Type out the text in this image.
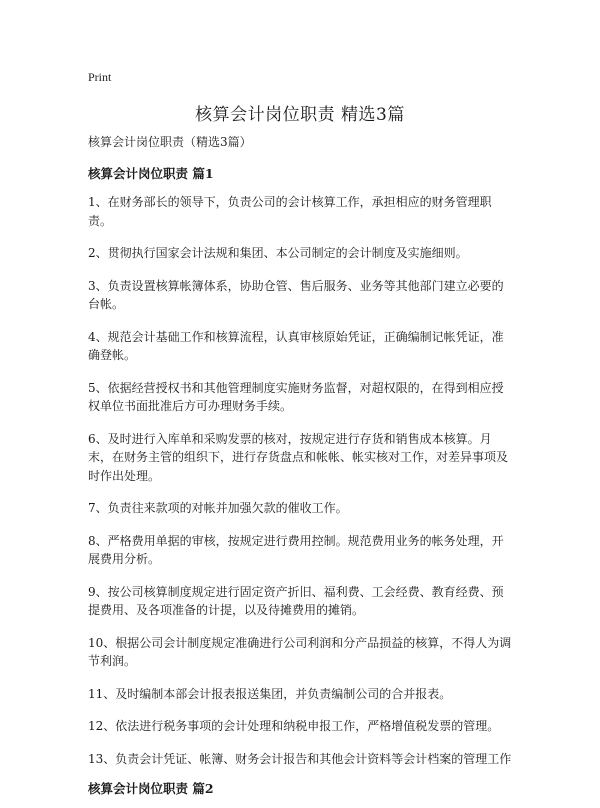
Print
核算会计岗位职责 精选3篇

核算会计岗位职责（精选3篇）

核算会计岗位职责 篇1

1、在财务部长的领导下，负责公司的会计核算工作，承担相应的财务管理职责。

2、贯彻执行国家会计法规和集团、本公司制定的会计制度及实施细则。

3、负责设置核算帐簿体系，协助仓管、售后服务、业务等其他部门建立必要的台帐。

4、规范会计基础工作和核算流程，认真审核原始凭证，正确编制记帐凭证，准确登帐。

5、依据经营授权书和其他管理制度实施财务监督，对超权限的，在得到相应授权单位书面批准后方可办理财务手续。

6、及时进行入库单和采购发票的核对，按规定进行存货和销售成本核算。月末，在财务主管的组织下，进行存货盘点和帐帐、帐实核对工作，对差异事项及时作出处理。

7、负责往来款项的对帐并加强欠款的催收工作。

8、严格费用单据的审核，按规定进行费用控制。规范费用业务的帐务处理，开展费用分析。

9、按公司核算制度规定进行固定资产折旧、福利费、工会经费、教育经费、预提费用、及各项准备的计提，以及待摊费用的摊销。

10、根据公司会计制度规定准确进行公司利润和分产品损益的核算，不得人为调节利润。

11、及时编制本部会计报表报送集团，并负责编制公司的合并报表。

12、依法进行税务事项的会计处理和纳税申报工作，严格增值税发票的管理。

13、负责会计凭证、帐簿、财务会计报告和其他会计资料等会计档案的管理工作

核算会计岗位职责 篇2
